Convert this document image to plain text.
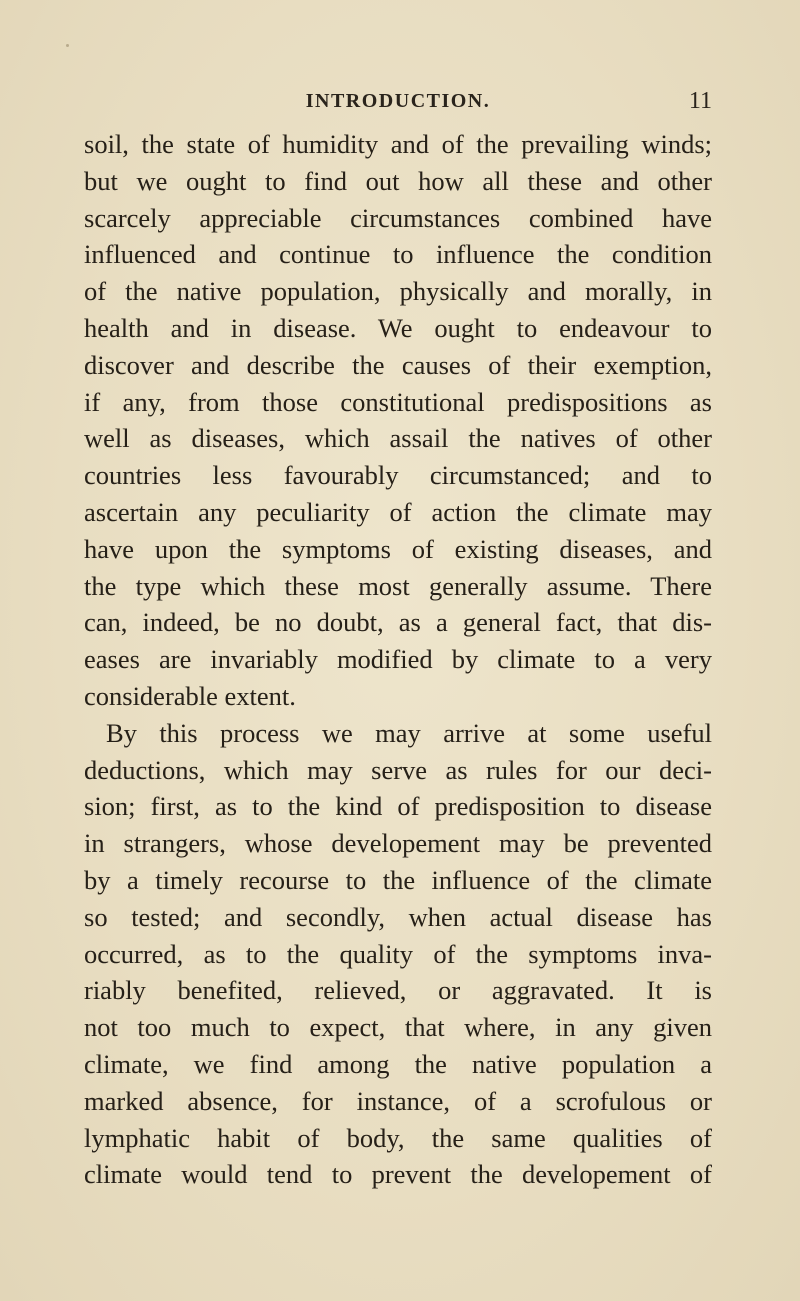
INTRODUCTION.	11
soil, the state of humidity and of the prevailing winds;
but we ought to find out how all these and other
scarcely appreciable circumstances combined have
influenced and continue to influence the condition
of the native population, physically and morally, in
health and in disease. We ought to endeavour to
discover and describe the causes of their exemption,
if any, from those constitutional predispositions as
well as diseases, which assail the natives of other
countries less favourably circumstanced; and to
ascertain any peculiarity of action the climate may
have upon the symptoms of existing diseases, and
the type which these most generally assume. There
can, indeed, be no doubt, as a general fact, that dis-
eases are invariably modified by climate to a very
considerable extent.
By this process we may arrive at some useful
deductions, which may serve as rules for our deci-
sion; first, as to the kind of predisposition to disease
in strangers, whose developement may be prevented
by a timely recourse to the influence of the climate
so tested; and secondly, when actual disease has
occurred, as to the quality of the symptoms inva-
riably benefited, relieved, or aggravated. It is
not too much to expect, that where, in any given
climate, we find among the native population a
marked absence, for instance, of a scrofulous or
lymphatic habit of body, the same qualities of
climate would tend to prevent the developement of
